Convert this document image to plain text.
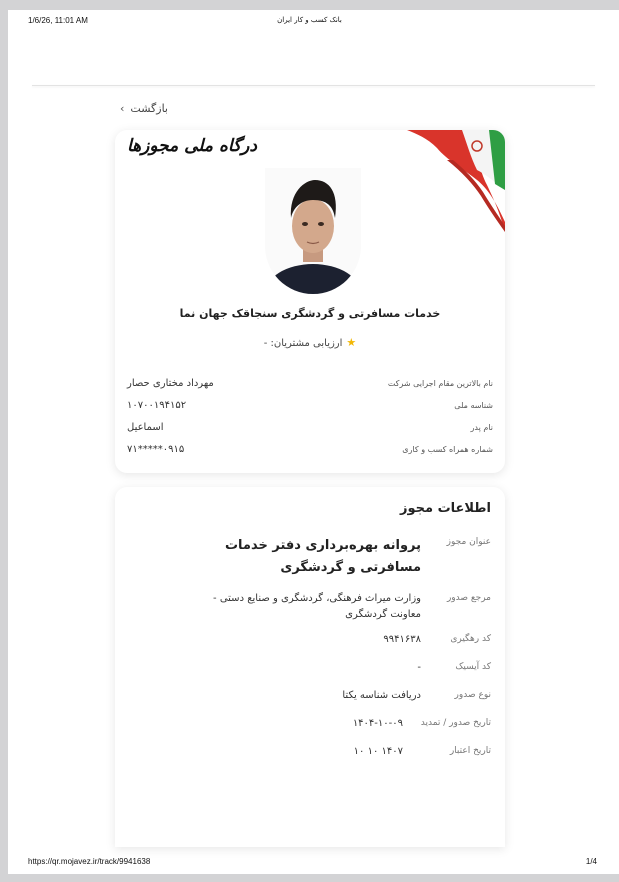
1/6/26, 11:01 AM	بانک کسب و کار ایران
بازگشت
›
درگاه ملی مجوزها
خدمات مسافرتی و گردشگری سنجاقک جهان نما
★ارزیابی مشتریان: -
مهرداد مختاری حصار	نام بالاترین مقام اجرایی شرکت
۱۰۷۰۰۱۹۴۱۵۲	شناسه ملی
اسماعیل	نام پدر
۰۹۱۵*****۷۱	شماره همراه کسب و کاری
اطلاعات مجوز
عنوان مجوز
پروانه بهره‌برداری دفتر خدمات مسافرتی و گردشگری
مرجع صدور
وزارت میراث فرهنگی، گردشگری و صنایع دستی - معاونت گردشگری
کد رهگیری
۹۹۴۱۶۳۸
کد آیسیک
-
نوع صدور
دریافت شناسه یکتا
تاریخ صدور / تمدید
۱۴۰۴-۱۰-۰۹
تاریخ اعتبار
۱۴۰۷ ۱۰ ۱۰
https://qr.mojavez.ir/track/9941638	1/4
